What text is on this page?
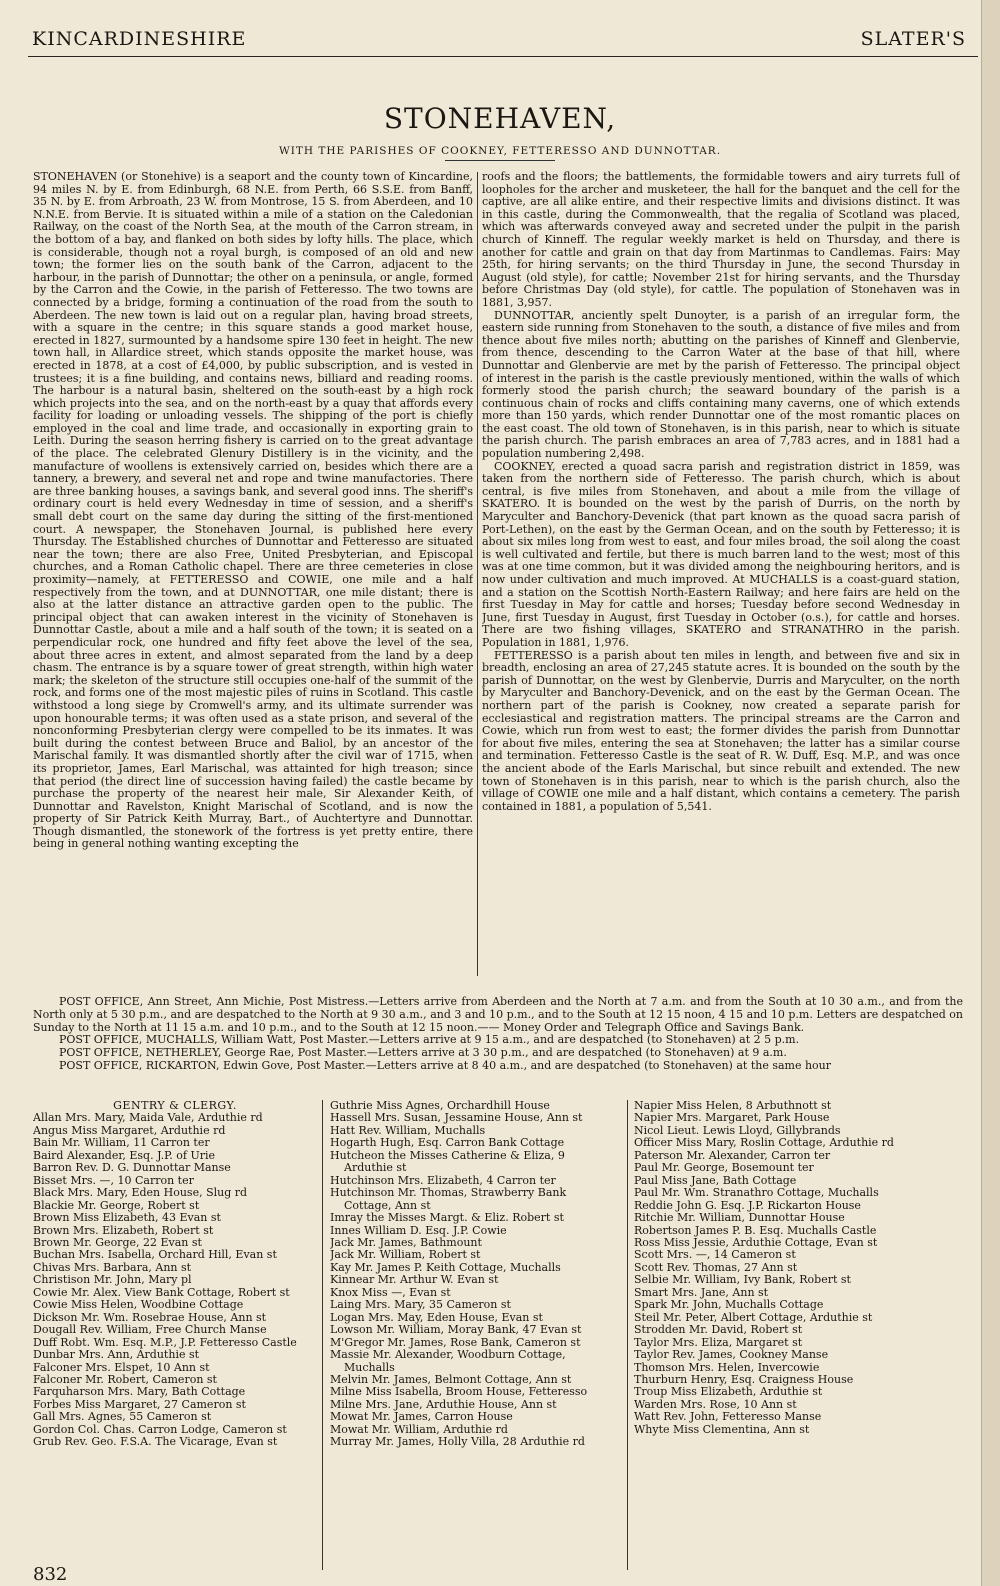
KINCARDINESHIRE	SLATER'S
STONEHAVEN,
WITH THE PARISHES OF COOKNEY, FETTERESSO AND DUNNOTTAR.

STONEHAVEN (or Stonehive) is a seaport and the county town of Kincardine, 94 miles N. by E. from Edinburgh, 68 N.E. from Perth, 66 S.S.E. from Banff, 35 N. by E. from Arbroath, 23 W. from Montrose, 15 S. from Aberdeen, and 10 N.N.E. from Bervie. It is situated within a mile of a station on the Caledonian Railway, on the coast of the North Sea, at the mouth of the Carron stream, in the bottom of a bay, and flanked on both sides by lofty hills. The place, which is considerable, though not a royal burgh, is composed of an old and new town; the former lies on the south bank of the Carron, adjacent to the harbour, in the parish of Dunnottar; the other on a peninsula, or angle, formed by the Carron and the Cowie, in the parish of Fetteresso. The two towns are connected by a bridge, forming a continuation of the road from the south to Aberdeen. The new town is laid out on a regular plan, having broad streets, with a square in the centre; in this square stands a good market house, erected in 1827, surmounted by a handsome spire 130 feet in height. The new town hall, in Allardice street, which stands opposite the market house, was erected in 1878, at a cost of £4,000, by public subscription, and is vested in trustees; it is a fine building, and contains news, billiard and reading rooms. The harbour is a natural basin, sheltered on the south-east by a high rock which projects into the sea, and on the north-east by a quay that affords every facility for loading or unloading vessels. The shipping of the port is chiefly employed in the coal and lime trade, and occasionally in exporting grain to Leith. During the season herring fishery is carried on to the great advantage of the place. The celebrated Glenury Distillery is in the vicinity, and the manufacture of woollens is extensively carried on, besides which there are a tannery, a brewery, and several net and rope and twine manufactories. There are three banking houses, a savings bank, and several good inns. The sheriff's ordinary court is held every Wednesday in time of session, and a sheriff's small debt court on the same day during the sitting of the first-mentioned court. A newspaper, the Stonehaven Journal, is published here every Thursday. The Established churches of Dunnottar and Fetteresso are situated near the town; there are also Free, United Presbyterian, and Episcopal churches, and a Roman Catholic chapel. There are three cemeteries in close proximity—namely, at FETTERESSO and COWIE, one mile and a half respectively from the town, and at DUNNOTTAR, one mile distant; there is also at the latter distance an attractive garden open to the public. The principal object that can awaken interest in the vicinity of Stonehaven is Dunnottar Castle, about a mile and a half south of the town; it is seated on a perpendicular rock, one hundred and fifty feet above the level of the sea, about three acres in extent, and almost separated from the land by a deep chasm. The entrance is by a square tower of great strength, within high water mark; the skeleton of the structure still occupies one-half of the summit of the rock, and forms one of the most majestic piles of ruins in Scotland. This castle withstood a long siege by Cromwell's army, and its ultimate surrender was upon honourable terms; it was often used as a state prison, and several of the nonconforming Presbyterian clergy were compelled to be its inmates. It was built during the contest between Bruce and Baliol, by an ancestor of the Marischal family. It was dismantled shortly after the civil war of 1715, when its proprietor, James, Earl Marischal, was attainted for high treason; since that period (the direct line of succession having failed) the castle became by purchase the property of the nearest heir male, Sir Alexander Keith, of Dunnottar and Ravelston, Knight Marischal of Scotland, and is now the property of Sir Patrick Keith Murray, Bart., of Auchtertyre and Dunnottar. Though dismantled, the stonework of the fortress is yet pretty entire, there being in general nothing wanting excepting the

roofs and the floors; the battlements, the formidable towers and airy turrets full of loopholes for the archer and musketeer, the hall for the banquet and the cell for the captive, are all alike entire, and their respective limits and divisions distinct. It was in this castle, during the Commonwealth, that the regalia of Scotland was placed, which was afterwards conveyed away and secreted under the pulpit in the parish church of Kinneff. The regular weekly market is held on Thursday, and there is another for cattle and grain on that day from Martinmas to Candlemas. Fairs: May 25th, for hiring servants; on the third Thursday in June, the second Thursday in August (old style), for cattle; November 21st for hiring servants, and the Thursday before Christmas Day (old style), for cattle. The population of Stonehaven was in 1881, 3,957.

DUNNOTTAR, anciently spelt Dunoyter, is a parish of an irregular form, the eastern side running from Stonehaven to the south, a distance of five miles and from thence about five miles north; abutting on the parishes of Kinneff and Glenbervie, from thence, descending to the Carron Water at the base of that hill, where Dunnottar and Glenbervie are met by the parish of Fetteresso. The principal object of interest in the parish is the castle previously mentioned, within the walls of which formerly stood the parish church; the seaward boundary of the parish is a continuous chain of rocks and cliffs containing many caverns, one of which extends more than 150 yards, which render Dunnottar one of the most romantic places on the east coast. The old town of Stonehaven, is in this parish, near to which is situate the parish church. The parish embraces an area of 7,783 acres, and in 1881 had a population numbering 2,498.

COOKNEY, erected a quoad sacra parish and registration district in 1859, was taken from the northern side of Fetteresso. The parish church, which is about central, is five miles from Stonehaven, and about a mile from the village of SKATERO. It is bounded on the west by the parish of Durris, on the north by Maryculter and Banchory-Devenick (that part known as the quoad sacra parish of Port-Lethen), on the east by the German Ocean, and on the south by Fetteresso; it is about six miles long from west to east, and four miles broad, the soil along the coast is well cultivated and fertile, but there is much barren land to the west; most of this was at one time common, but it was divided among the neighbouring heritors, and is now under cultivation and much improved. At MUCHALLS is a coast-guard station, and a station on the Scottish North-Eastern Railway; and here fairs are held on the first Tuesday in May for cattle and horses; Tuesday before second Wednesday in June, first Tuesday in August, first Tuesday in October (o.s.), for cattle and horses. There are two fishing villages, SKATERO and STRANATHRO in the parish. Population in 1881, 1,976.

FETTERESSO is a parish about ten miles in length, and between five and six in breadth, enclosing an area of 27,245 statute acres. It is bounded on the south by the parish of Dunnottar, on the west by Glenbervie, Durris and Maryculter, on the north by Maryculter and Banchory-Devenick, and on the east by the German Ocean. The northern part of the parish is Cookney, now created a separate parish for ecclesiastical and registration matters. The principal streams are the Carron and Cowie, which run from west to east; the former divides the parish from Dunnottar for about five miles, entering the sea at Stonehaven; the latter has a similar course and termination. Fetteresso Castle is the seat of R. W. Duff, Esq. M.P., and was once the ancient abode of the Earls Marischal, but since rebuilt and extended. The new town of Stonehaven is in this parish, near to which is the parish church, also the village of COWIE one mile and a half distant, which contains a cemetery. The parish contained in 1881, a population of 5,541.

POST OFFICE, Ann Street, Ann Michie, Post Mistress.—Letters arrive from Aberdeen and the North at 7 a.m. and from the South at 10 30 a.m., and from the North only at 5 30 p.m., and are despatched to the North at 9 30 a.m., and 3 and 10 p.m., and to the South at 12 15 noon, 4 15 and 10 p.m. Letters are despatched on Sunday to the North at 11 15 a.m. and 10 p.m., and to the South at 12 15 noon.—— Money Order and Telegraph Office and Savings Bank.

POST OFFICE, MUCHALLS, William Watt, Post Master.—Letters arrive at 9 15 a.m., and are despatched (to Stonehaven) at 2 5 p.m.

POST OFFICE, NETHERLEY, George Rae, Post Master.—Letters arrive at 3 30 p.m., and are despatched (to Stonehaven) at 9 a.m.

POST OFFICE, RICKARTON, Edwin Gove, Post Master.—Letters arrive at 8 40 a.m., and are despatched (to Stonehaven) at the same hour

GENTRY & CLERGY.
Allan Mrs. Mary, Maida Vale, Arduthie rd
Angus Miss Margaret, Arduthie rd
Bain Mr. William, 11 Carron ter
Baird Alexander, Esq. J.P. of Urie
Barron Rev. D. G. Dunnottar Manse
Bisset Mrs. —, 10 Carron ter
Black Mrs. Mary, Eden House, Slug rd
Blackie Mr. George, Robert st
Brown Miss Elizabeth, 43 Evan st
Brown Mrs. Elizabeth, Robert st
Brown Mr. George, 22 Evan st
Buchan Mrs. Isabella, Orchard Hill, Evan st
Chivas Mrs. Barbara, Ann st
Christison Mr. John, Mary pl
Cowie Mr. Alex. View Bank Cottage, Robert st
Cowie Miss Helen, Woodbine Cottage
Dickson Mr. Wm. Rosebrae House, Ann st
Dougall Rev. William, Free Church Manse
Duff Robt. Wm. Esq. M.P., J.P. Fetteresso Castle
Dunbar Mrs. Ann, Arduthie st
Falconer Mrs. Elspet, 10 Ann st
Falconer Mr. Robert, Cameron st
Farquharson Mrs. Mary, Bath Cottage
Forbes Miss Margaret, 27 Cameron st
Gall Mrs. Agnes, 55 Cameron st
Gordon Col. Chas. Carron Lodge, Cameron st
Grub Rev. Geo. F.S.A. The Vicarage, Evan st
Guthrie Miss Agnes, Orchardhill House
Hassell Mrs. Susan, Jessamine House, Ann st
Hatt Rev. William, Muchalls
Hogarth Hugh, Esq. Carron Bank Cottage
Hutcheon the Misses Catherine & Eliza, 9
Arduthie st
Hutchinson Mrs. Elizabeth, 4 Carron ter
Hutchinson Mr. Thomas, Strawberry Bank
Cottage, Ann st
Imray the Misses Margt. & Eliz. Robert st
Innes William D. Esq. J.P. Cowie
Jack Mr. James, Bathmount
Jack Mr. William, Robert st
Kay Mr. James P. Keith Cottage, Muchalls
Kinnear Mr. Arthur W. Evan st
Knox Miss —, Evan st
Laing Mrs. Mary, 35 Cameron st
Logan Mrs. May, Eden House, Evan st
Lowson Mr. William, Moray Bank, 47 Evan st
M'Gregor Mr. James, Rose Bank, Cameron st
Massie Mr. Alexander, Woodburn Cottage,
Muchalls
Melvin Mr. James, Belmont Cottage, Ann st
Milne Miss Isabella, Broom House, Fetteresso
Milne Mrs. Jane, Arduthie House, Ann st
Mowat Mr. James, Carron House
Mowat Mr. William, Arduthie rd
Murray Mr. James, Holly Villa, 28 Arduthie rd
Napier Miss Helen, 8 Arbuthnott st
Napier Mrs. Margaret, Park House
Nicol Lieut. Lewis Lloyd, Gillybrands
Officer Miss Mary, Roslin Cottage, Arduthie rd
Paterson Mr. Alexander, Carron ter
Paul Mr. George, Bosemount ter
Paul Miss Jane, Bath Cottage
Paul Mr. Wm. Stranathro Cottage, Muchalls
Reddie John G. Esq. J.P. Rickarton House
Ritchie Mr. William, Dunnottar House
Robertson James P. B. Esq. Muchalls Castle
Ross Miss Jessie, Arduthie Cottage, Evan st
Scott Mrs. —, 14 Cameron st
Scott Rev. Thomas, 27 Ann st
Selbie Mr. William, Ivy Bank, Robert st
Smart Mrs. Jane, Ann st
Spark Mr. John, Muchalls Cottage
Steil Mr. Peter, Albert Cottage, Arduthie st
Strodden Mr. David, Robert st
Taylor Mrs. Eliza, Margaret st
Taylor Rev. James, Cookney Manse
Thomson Mrs. Helen, Invercowie
Thurburn Henry, Esq. Craigness House
Troup Miss Elizabeth, Arduthie st
Warden Mrs. Rose, 10 Ann st
Watt Rev. John, Fetteresso Manse
Whyte Miss Clementina, Ann st
832
